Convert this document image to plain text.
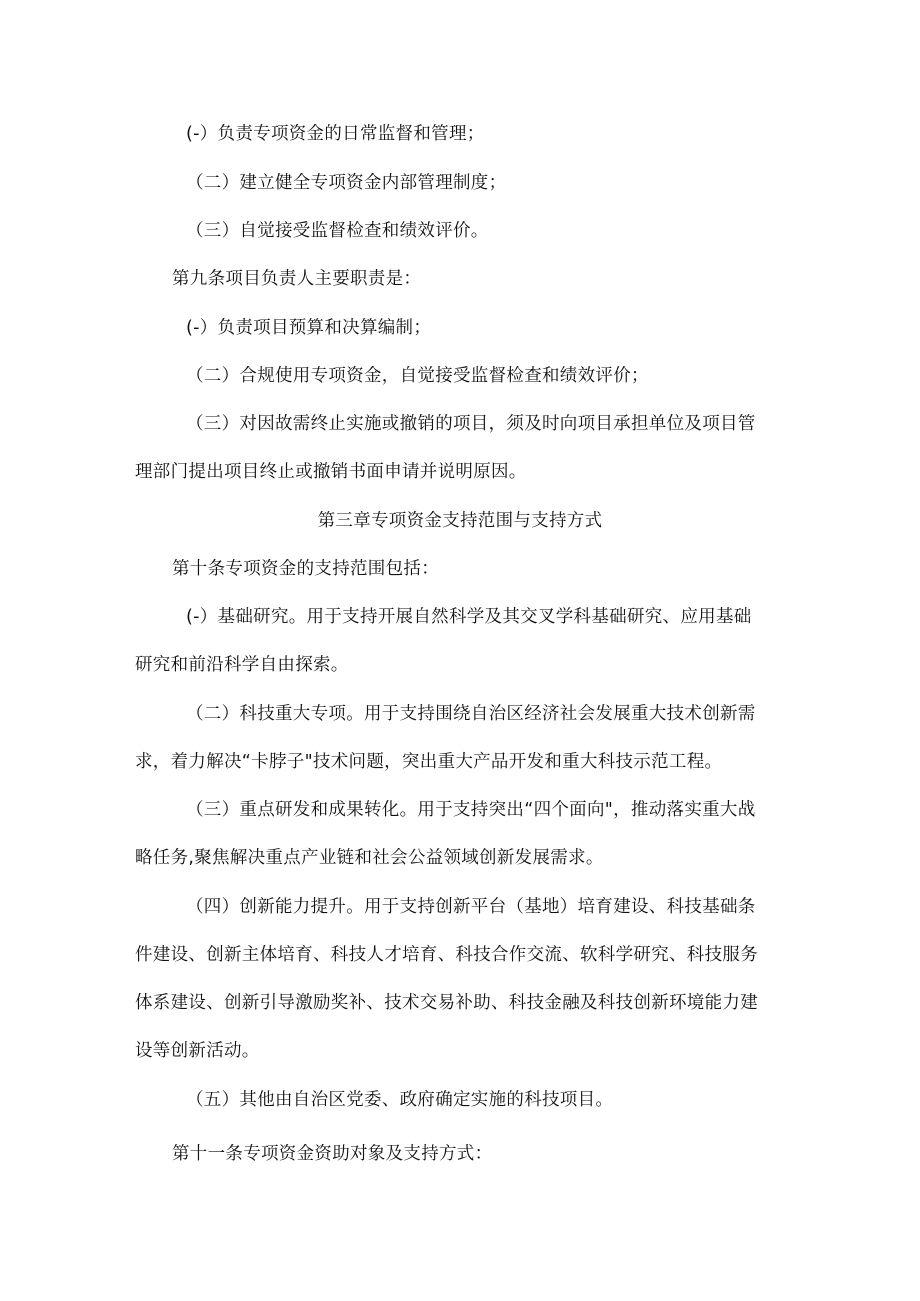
(-）负责专项资金的日常监督和管理；

（二）建立健全专项资金内部管理制度；

（三）自觉接受监督检查和绩效评价。

第九条项目负责人主要职责是：

(-）负责项目预算和决算编制；

（二）合规使用专项资金，自觉接受监督检查和绩效评价；

（三）对因故需终止实施或撤销的项目，须及时向项目承担单位及项目管

理部门提出项目终止或撤销书面申请并说明原因。

第三章专项资金支持范围与支持方式

第十条专项资金的支持范围包括：

(-）基础研究。用于支持开展自然科学及其交叉学科基础研究、应用基础

研究和前沿科学自由探索。

（二）科技重大专项。用于支持围绕自治区经济社会发展重大技术创新需

求，着力解决“卡脖子"技术问题，突出重大产品开发和重大科技示范工程。

（三）重点研发和成果转化。用于支持突出“四个面向"，推动落实重大战

略任务,聚焦解决重点产业链和社会公益领域创新发展需求。

（四）创新能力提升。用于支持创新平台（基地）培育建设、科技基础条

件建设、创新主体培育、科技人才培育、科技合作交流、软科学研究、科技服务

体系建设、创新引导激励奖补、技术交易补助、科技金融及科技创新环境能力建

设等创新活动。

（五）其他由自治区党委、政府确定实施的科技项目。

第十一条专项资金资助对象及支持方式：
